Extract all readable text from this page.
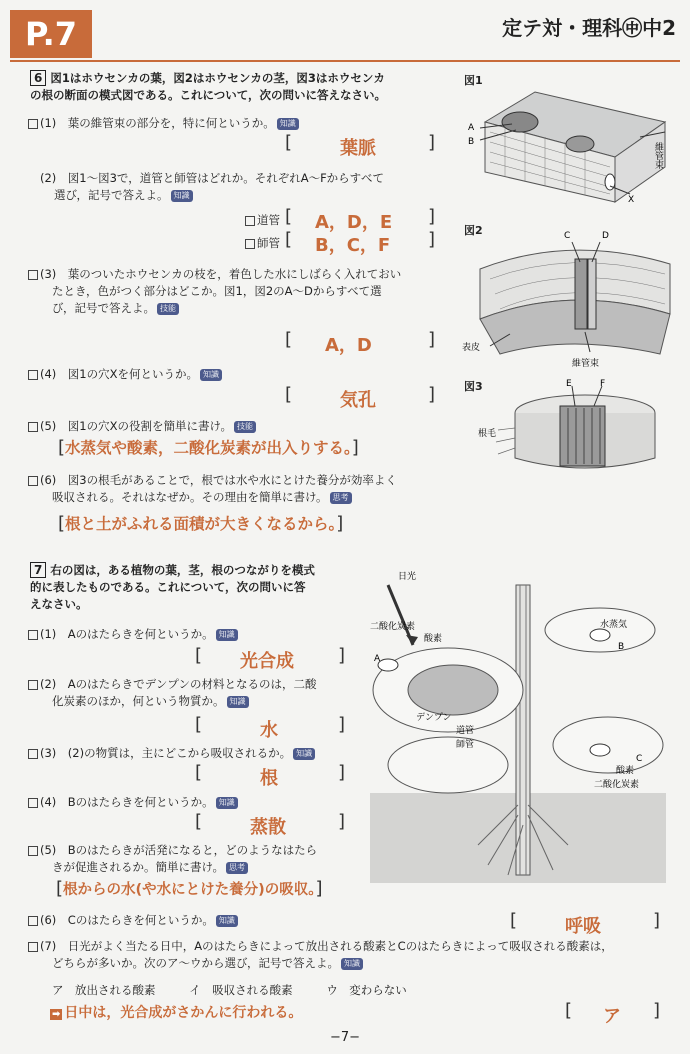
P.7	定テ対・理科㊥中2
6 図1はホウセンカの葉，図2はホウセンカの茎，図3はホウセンカ
の根の断面の模式図である。これについて，次の問いに答えなさい。
(1)　 葉の維管束の部分を，特に何というか。 知識
[	葉脈	]
(2)　 図1～図3で，道管と師管はどれか。それぞれA～Fからすべて
選び，記号で答えよ。 知識
道管 [ A，D，E ]
師管 [ B，C，F ]
(3)　 葉のついたホウセンカの枝を，着色した水にしばらく入れておい
たとき，色がつく部分はどこか。図1，図2のA～Dからすべて選
び，記号で答えよ。 技能
[ A，D	]
(4)　 図1の穴Xを何というか。 知識
[	気孔	]
(5)　 図1の穴Xの役割を簡単に書け。 技能
[水蒸気や酸素，二酸化炭素が出入りする。]
(6)　 図3の根毛があることで，根では水や水にとけた養分が効率よく
吸収される。それはなぜか。その理由を簡単に書け。 思考
[根と土がふれる面積が大きくなるから。]
図1
A
B
X
維管束
図2	C	D
表皮
維管束
図3	E	F
根毛
7 右の図は，ある植物の葉，茎，根のつながりを模式
的に表したものである。これについて，次の問いに答
えなさい。
(1)　 Aのはたらきを何というか。 知識
[ 光合成 ]
(2)　 Aのはたらきでデンプンの材料となるのは，二酸
化炭素のほか，何という物質か。 知識
[	水	]
(3)　 (2)の物質は，主にどこから吸収されるか。 知識
[	根	]
(4)　 Bのはたらきを何というか。 知識
[	蒸散	]
(5)　 Bのはたらきが活発になると，どのようなはたら
きが促進されるか。簡単に書け。 思考
[根からの水(や水にとけた養分)の吸収。]
(6)　 Cのはたらきを何というか。 知識	[	呼吸	]
(7)　 日光がよく当たる日中，Aのはたらきによって放出される酸素とCのはたらきによって吸収される酸素は，
どちらが多いか。次のア～ウから選び，記号で答えよ。 知識
ア　放出される酸素	イ　吸収される酸素	ウ　変わらない
➡ 日中は，光合成がさかんに行われる。	[ ア ]
日光
二酸化炭素
酸素
A
水蒸気
B
デンプン
道管
師管
C
酸素
二酸化炭素
−7−
